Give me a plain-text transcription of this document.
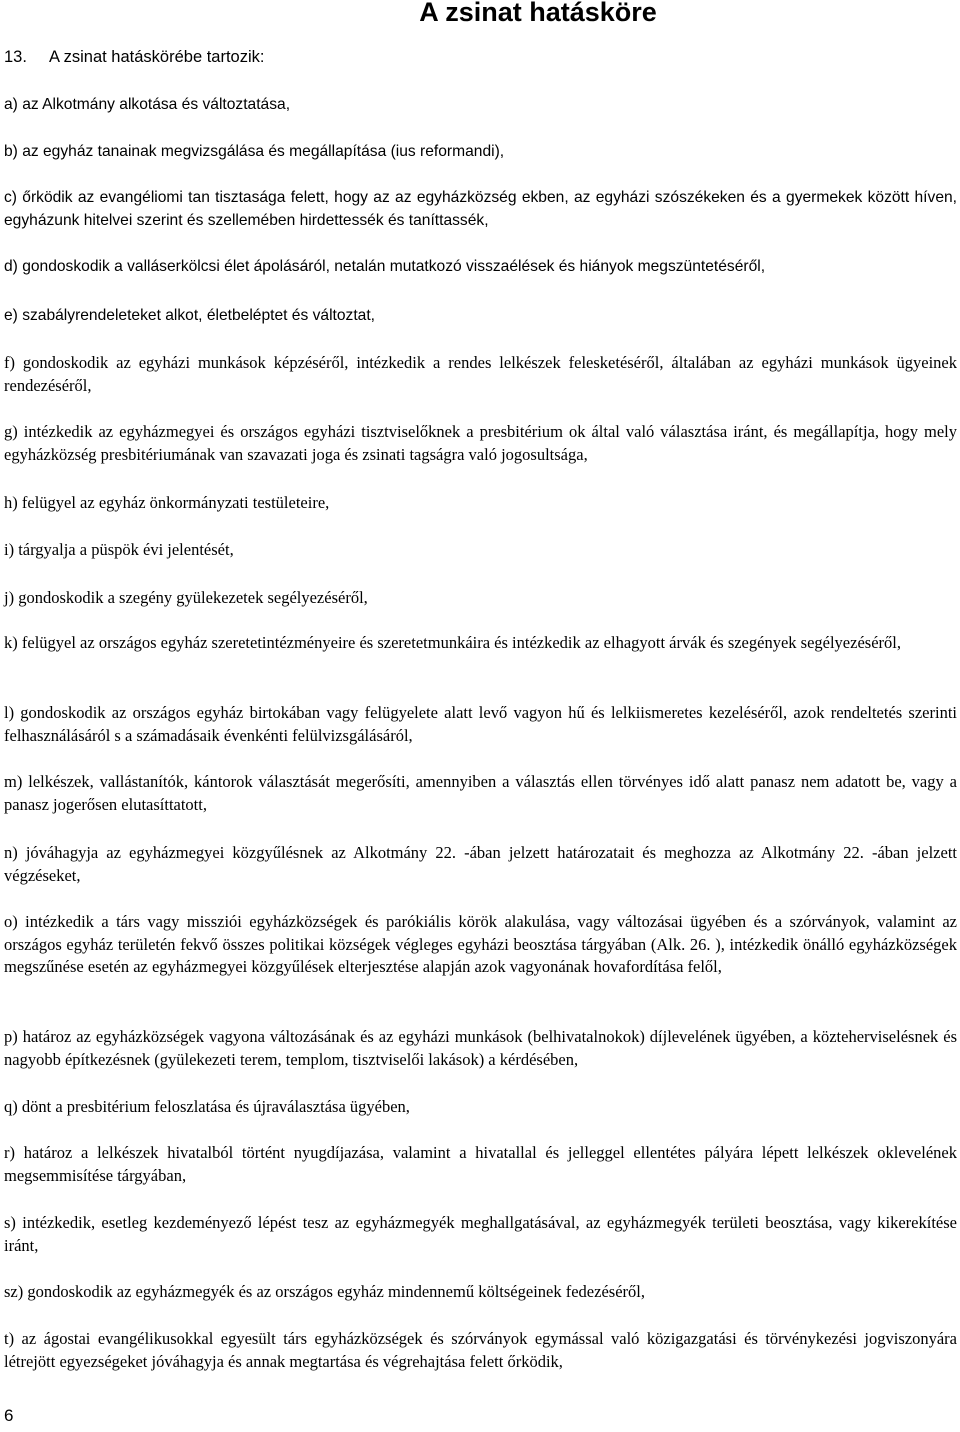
A zsinat hatásköre
13. A zsinat hatáskörébe tartozik:

a) az Alkotmány alkotása és változtatása,

b) az egyház tanainak megvizsgálása és megállapítása (ius reformandi),

c) őrködik az evangéliomi tan tisztasága felett, hogy az az egyházközség ekben, az egyházi szószékeken és a gyermekek között híven, egyházunk hitelvei szerint és szellemében hirdettessék és taníttassék,

d) gondoskodik a valláserkölcsi élet ápolásáról, netalán mutatkozó visszaélések és hiányok megszüntetéséről,

e) szabályrendeleteket alkot, életbeléptet és változtat,

f) gondoskodik az egyházi munkások képzéséről, intézkedik a rendes lelkészek felesketéséről, általában az egyházi munkások ügyeinek rendezéséről,

g) intézkedik az egyházmegyei és országos egyházi tisztviselőknek a presbitérium ok által való választása iránt, és megállapítja, hogy mely egyházközség presbitériumának van szavazati joga és zsinati tagságra való jogosultsága,

h) felügyel az egyház önkormányzati testületeire,

i) tárgyalja a püspök évi jelentését,

j) gondoskodik a szegény gyülekezetek segélyezéséről,

k) felügyel az országos egyház szeretetintézményeire és szeretetmunkáira és intézkedik az elhagyott árvák és szegények segélyezéséről,

l) gondoskodik az országos egyház birtokában vagy felügyelete alatt levő vagyon hű és lelkiismeretes kezeléséről, azok rendeltetés szerinti felhasználásáról s a számadásaik évenkénti felülvizsgálásáról,

m) lelkészek, vallástanítók, kántorok választását megerősíti, amennyiben a választás ellen törvényes idő alatt panasz nem adatott be, vagy a panasz jogerősen elutasíttatott,

n) jóváhagyja az egyházmegyei közgyűlésnek az Alkotmány 22. -ában jelzett határozatait és meghozza az Alkotmány 22. -ában jelzett végzéseket,

o) intézkedik a társ vagy missziói egyházközségek és parókiális körök alakulása, vagy változásai ügyében és a szórványok, valamint az országos egyház területén fekvő összes politikai községek végleges egyházi beosztása tárgyában (Alk. 26. ), intézkedik önálló egyházközségek megszűnése esetén az egyházmegyei közgyűlések elterjesztése alapján azok vagyonának hovafordítása felől,

p) határoz az egyházközségek vagyona változásának és az egyházi munkások (belhivatalnokok) díjlevelének ügyében, a közteherviselésnek és nagyobb építkezésnek (gyülekezeti terem, templom, tisztviselői lakások) a kérdésében,

q) dönt a presbitérium feloszlatása és újraválasztása ügyében,

r) határoz a lelkészek hivatalból történt nyugdíjazása, valamint a hivatallal és jelleggel ellentétes pályára lépett lelkészek oklevelének megsemmisítése tárgyában,

s) intézkedik, esetleg kezdeményező lépést tesz az egyházmegyék meghallgatásával, az egyházmegyék területi beosztása, vagy kikerekítése iránt,

sz) gondoskodik az egyházmegyék és az országos egyház mindennemű költségeinek fedezéséről,

t) az ágostai evangélikusokkal egyesült társ egyházközségek és szórványok egymással való közigazgatási és törvénykezési jogviszonyára létrejött egyezségeket jóváhagyja és annak megtartása és végrehajtása felett őrködik,

6
